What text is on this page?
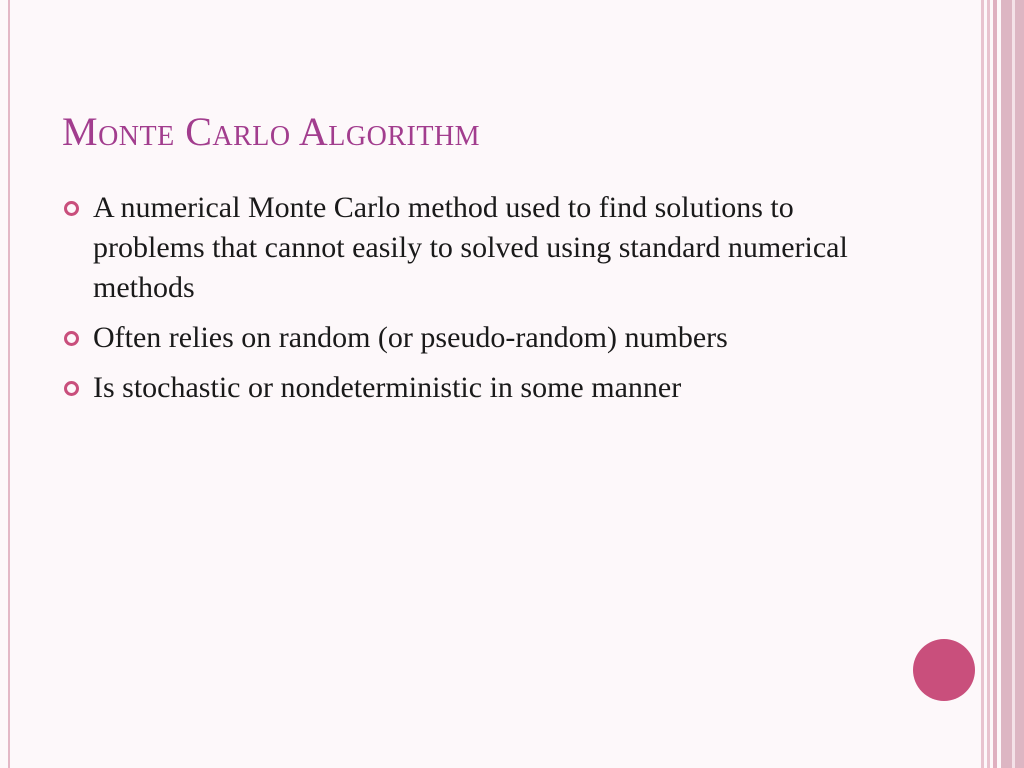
Monte Carlo Algorithm
A numerical Monte Carlo method used to find solutions to problems that cannot easily to solved using standard numerical methods
Often relies on random (or pseudo-random) numbers
Is stochastic or nondeterministic in some manner
